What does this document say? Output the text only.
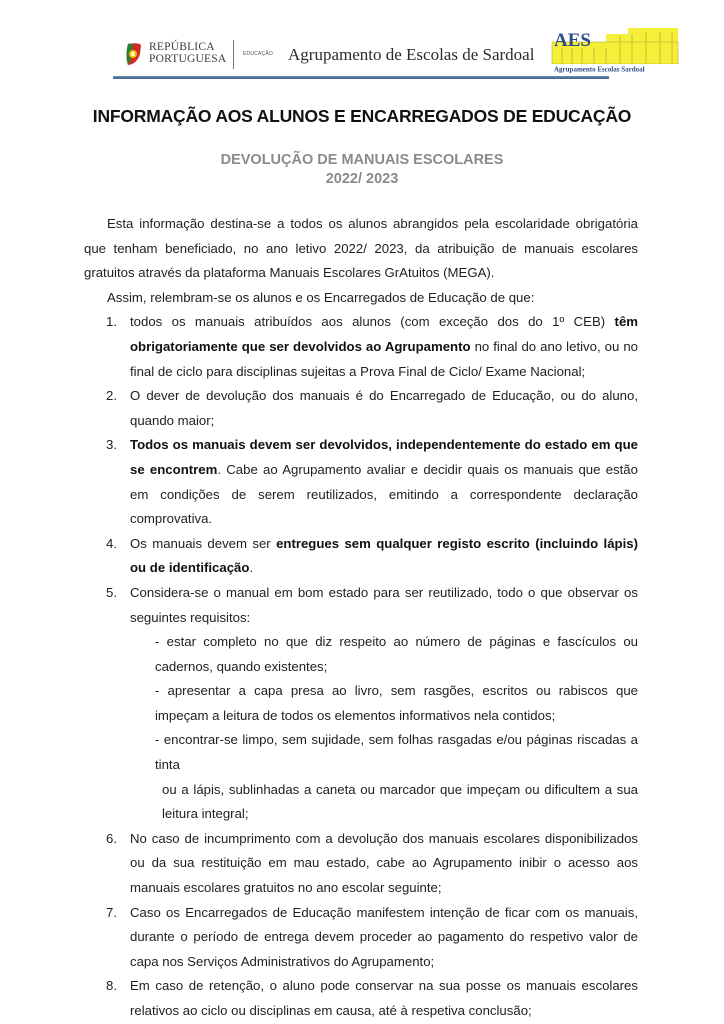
REPÚBLICA
PORTUGUESA	EDUCAÇÃO Agrupamento de Escolas de Sardoal
AES
Agrupamento Escolas Sardoal
INFORMAÇÃO AOS ALUNOS E ENCARREGADOS DE EDUCAÇÃO
DEVOLUÇÃO DE MANUAIS ESCOLARES
2022/ 2023

Esta informação destina-se a todos os alunos abrangidos pela escolaridade obrigatória que tenham beneficiado, no ano letivo 2022/ 2023, da atribuição de manuais escolares gratuitos através da plataforma Manuais Escolares GrAtuitos (MEGA).

Assim, relembram-se os alunos e os Encarregados de Educação de que:

1. todos os manuais atribuídos aos alunos (com exceção dos do 1º CEB) têm obrigatoriamente que ser devolvidos ao Agrupamento no final do ano letivo, ou no final de ciclo para disciplinas sujeitas a Prova Final de Ciclo/ Exame Nacional;
2. O dever de devolução dos manuais é do Encarregado de Educação, ou do aluno, quando maior;
3. Todos os manuais devem ser devolvidos, independentemente do estado em que se encontrem. Cabe ao Agrupamento avaliar e decidir quais os manuais que estão em condições de serem reutilizados, emitindo a correspondente declaração comprovativa.
4. Os manuais devem ser entregues sem qualquer registo escrito (incluindo lápis) ou de identificação.
5. Considera-se o manual em bom estado para ser reutilizado, todo o que observar os seguintes requisitos:
- estar completo no que diz respeito ao número de páginas e fascículos ou cadernos, quando existentes;
- apresentar a capa presa ao livro, sem rasgões, escritos ou rabiscos que impeçam a leitura de todos os elementos informativos nela contidos;
- encontrar-se limpo, sem sujidade, sem folhas rasgadas e/ou páginas riscadas a tinta
ou a lápis, sublinhadas a caneta ou marcador que impeçam ou dificultem a sua leitura integral;
6. No caso de incumprimento com a devolução dos manuais escolares disponibilizados ou da sua restituição em mau estado, cabe ao Agrupamento inibir o acesso aos manuais escolares gratuitos no ano escolar seguinte;
7. Caso os Encarregados de Educação manifestem intenção de ficar com os manuais, durante o período de entrega devem proceder ao pagamento do respetivo valor de capa nos Serviços Administrativos do Agrupamento;
8. Em caso de retenção, o aluno pode conservar na sua posse os manuais escolares relativos ao ciclo ou disciplinas em causa, até à respetiva conclusão;
